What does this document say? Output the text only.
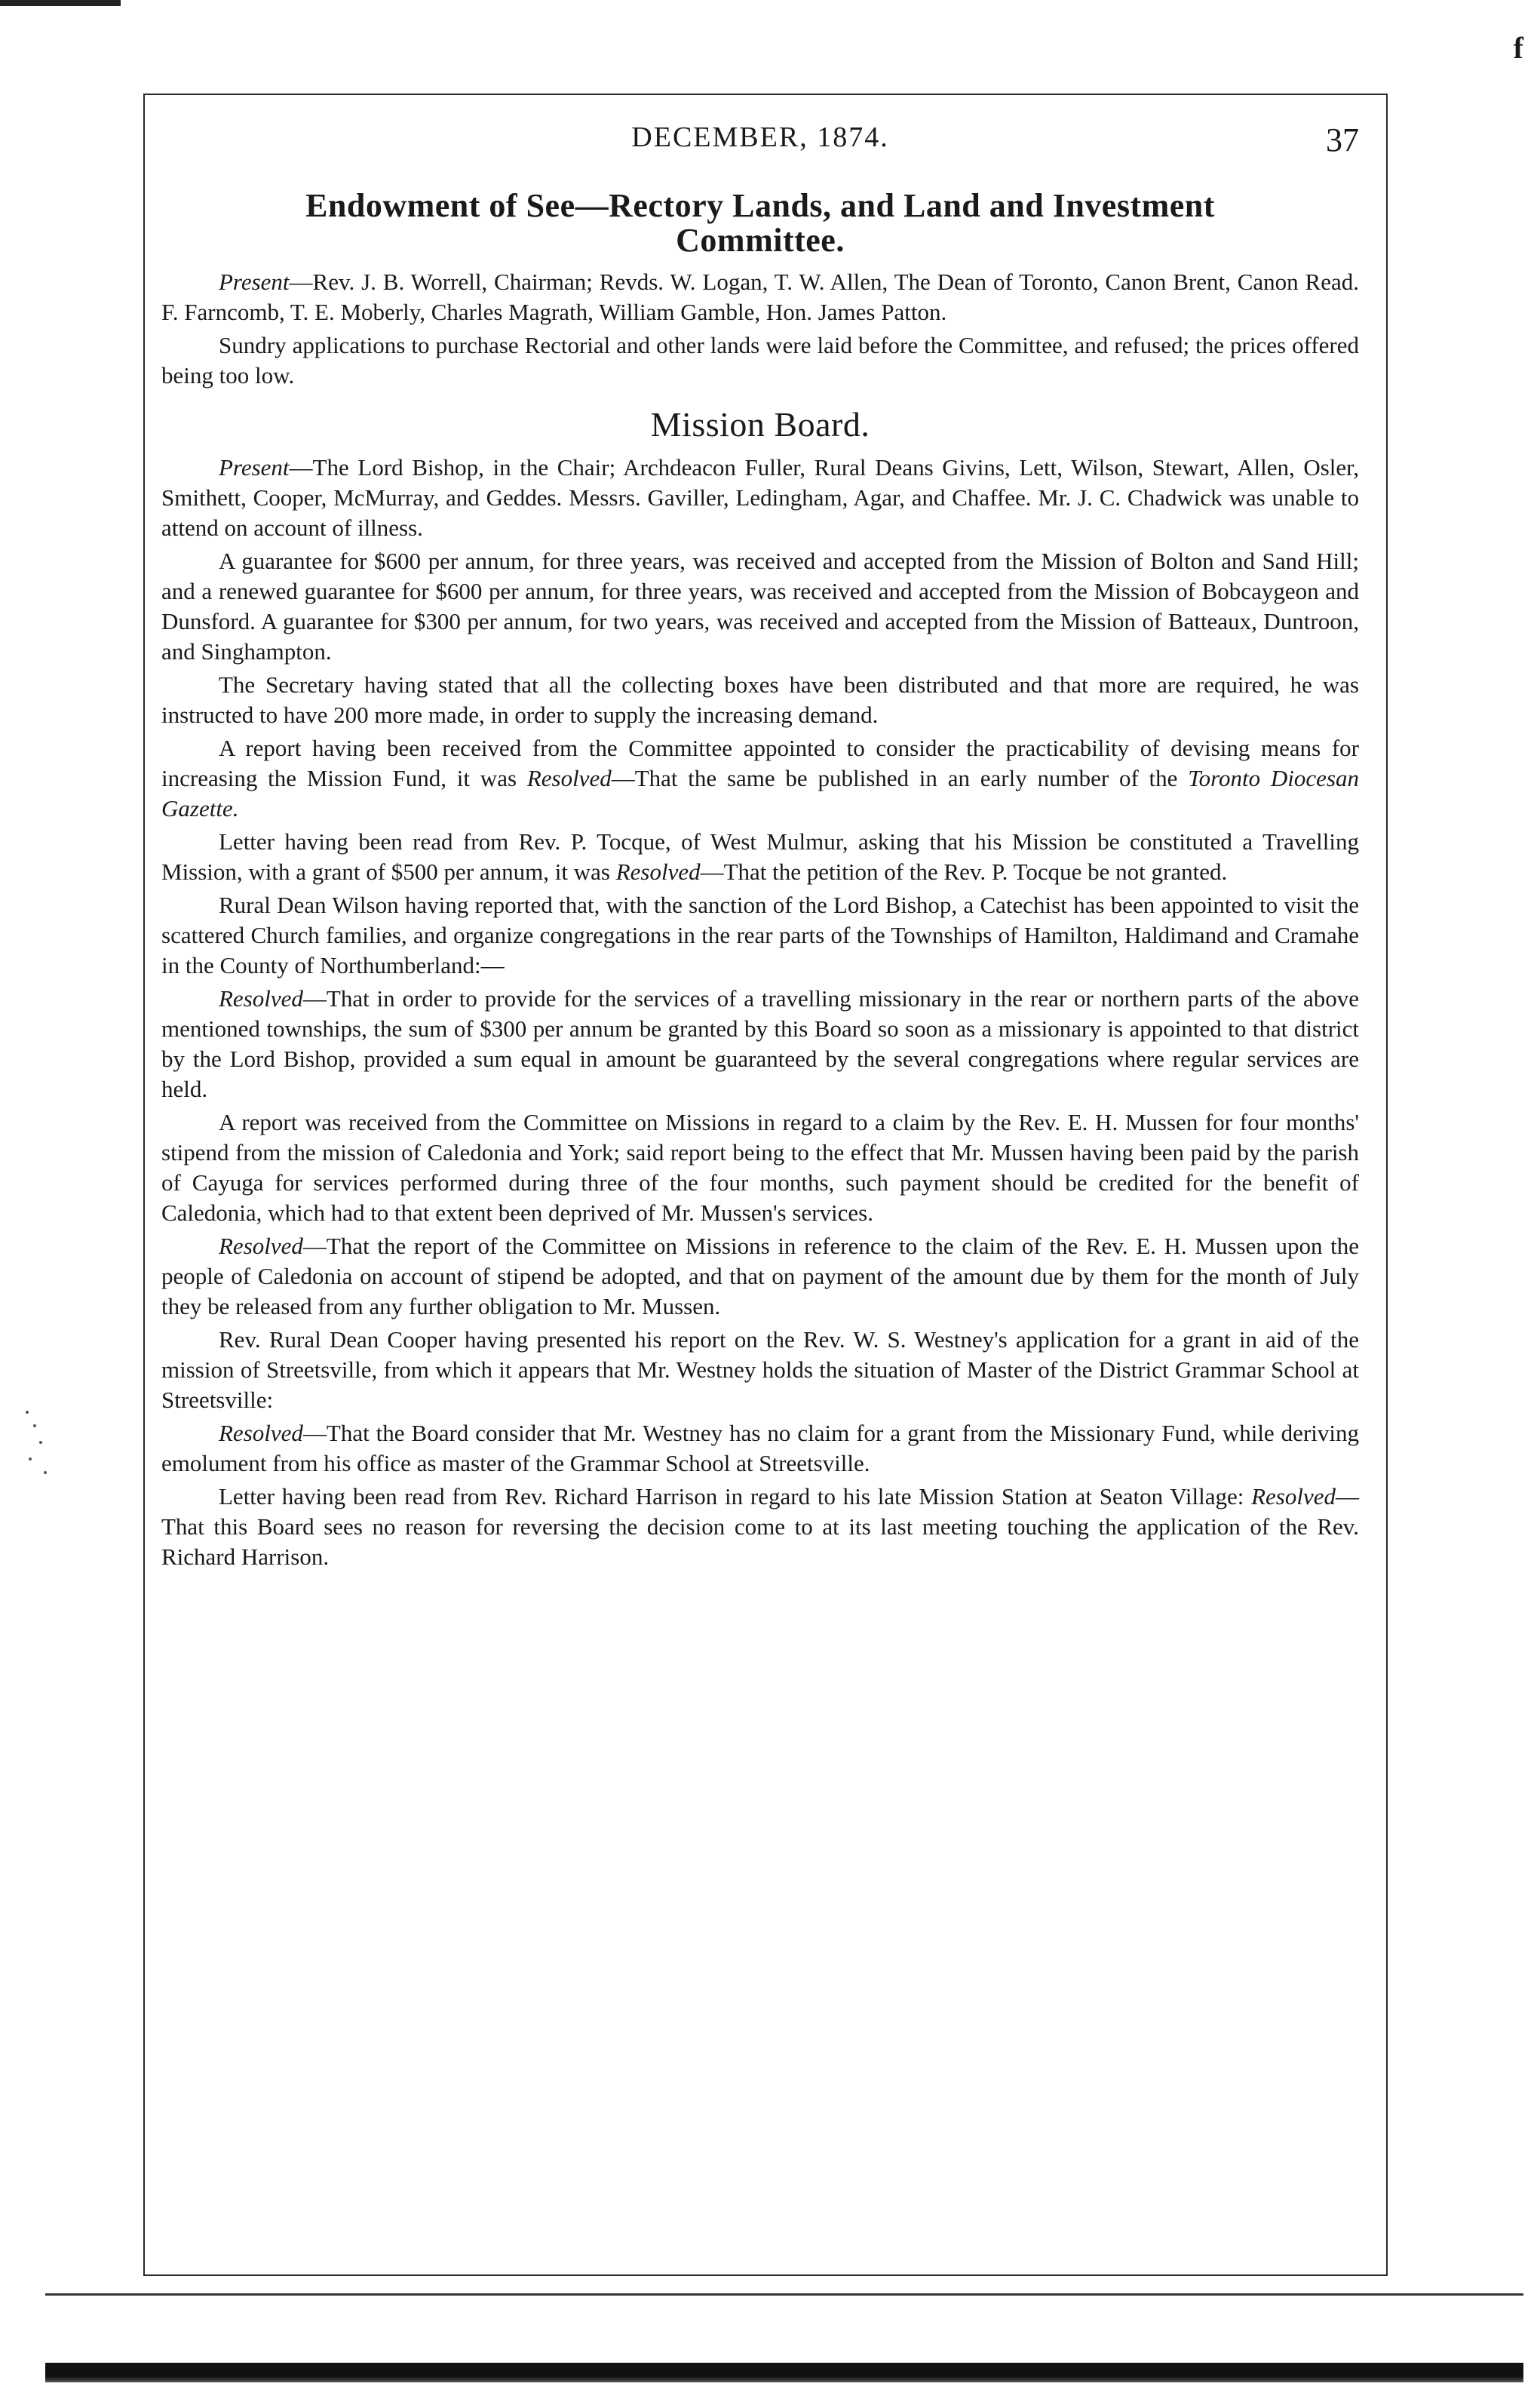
f
DECEMBER, 1874.	37
Endowment of See—Rectory Lands, and Land and Investment
Committee.

Present—Rev. J. B. Worrell, Chairman; Revds. W. Logan, T. W. Allen, The Dean of Toronto, Canon Brent, Canon Read. F. Farncomb, T. E. Moberly, Charles Magrath, William Gamble, Hon. James Patton.

Sundry applications to purchase Rectorial and other lands were laid before the Committee, and refused; the prices offered being too low.

Mission Board.

Present—The Lord Bishop, in the Chair; Archdeacon Fuller, Rural Deans Givins, Lett, Wilson, Stewart, Allen, Osler, Smithett, Cooper, McMurray, and Geddes. Messrs. Gaviller, Ledingham, Agar, and Chaffee. Mr. J. C. Chadwick was unable to attend on account of illness.

A guarantee for $600 per annum, for three years, was received and accepted from the Mission of Bolton and Sand Hill; and a renewed guarantee for $600 per annum, for three years, was received and accepted from the Mission of Bobcaygeon and Dunsford. A guarantee for $300 per annum, for two years, was received and accepted from the Mission of Batteaux, Duntroon, and Singhampton.

The Secretary having stated that all the collecting boxes have been distributed and that more are required, he was instructed to have 200 more made, in order to supply the increasing demand.

A report having been received from the Committee appointed to consider the practicability of devising means for increasing the Mission Fund, it was Resolved—That the same be published in an early number of the Toronto Diocesan Gazette.

Letter having been read from Rev. P. Tocque, of West Mulmur, asking that his Mission be constituted a Travelling Mission, with a grant of $500 per annum, it was Resolved—That the petition of the Rev. P. Tocque be not granted.

Rural Dean Wilson having reported that, with the sanction of the Lord Bishop, a Catechist has been appointed to visit the scattered Church families, and organize congregations in the rear parts of the Townships of Hamilton, Haldimand and Cramahe in the County of Northumberland:—

Resolved—That in order to provide for the services of a travelling missionary in the rear or northern parts of the above mentioned townships, the sum of $300 per annum be granted by this Board so soon as a missionary is appointed to that district by the Lord Bishop, provided a sum equal in amount be guaranteed by the several congregations where regular services are held.

A report was received from the Committee on Missions in regard to a claim by the Rev. E. H. Mussen for four months' stipend from the mission of Caledonia and York; said report being to the effect that Mr. Mussen having been paid by the parish of Cayuga for services performed during three of the four months, such payment should be credited for the benefit of Caledonia, which had to that extent been deprived of Mr. Mussen's services.

Resolved—That the report of the Committee on Missions in reference to the claim of the Rev. E. H. Mussen upon the people of Caledonia on account of stipend be adopted, and that on payment of the amount due by them for the month of July they be released from any further obligation to Mr. Mussen.

Rev. Rural Dean Cooper having presented his report on the Rev. W. S. Westney's application for a grant in aid of the mission of Streetsville, from which it appears that Mr. Westney holds the situation of Master of the District Grammar School at Streetsville:

Resolved—That the Board consider that Mr. Westney has no claim for a grant from the Missionary Fund, while deriving emolument from his office as master of the Grammar School at Streetsville.

Letter having been read from Rev. Richard Harrison in regard to his late Mission Station at Seaton Village: Resolved—That this Board sees no reason for reversing the decision come to at its last meeting touching the application of the Rev. Richard Harrison.
